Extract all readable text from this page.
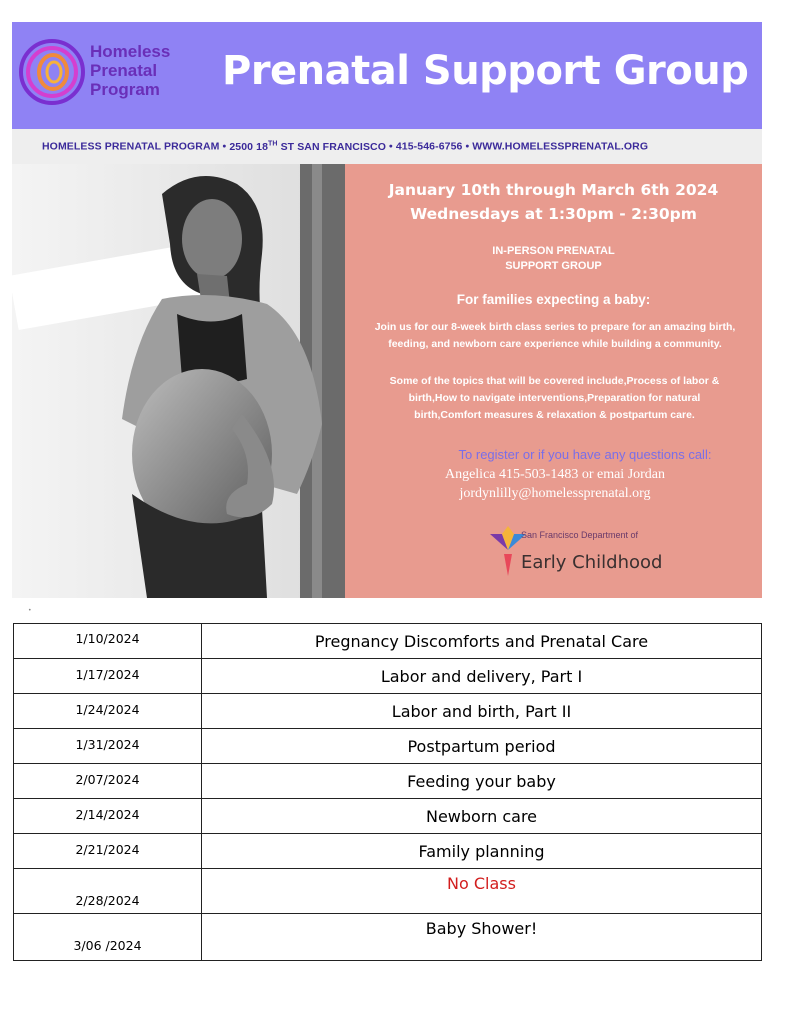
Homeless
Prenatal
Program	Prenatal Support Group
HOMELESS PRENATAL PROGRAM • 2500 18TH ST SAN FRANCISCO • 415-546-6756 • WWW.HOMELESSPRENATAL.ORG
January 10th through March 6th 2024
Wednesdays at 1:30pm - 2:30pm
IN-PERSON PRENATAL
SUPPORT GROUP
For families expecting a baby:
Join us for our 8-week birth class series to prepare for an amazing birth,
feeding, and newborn care experience while building a community.
Some of the topics that will be covered include,Process of labor &
birth,How to navigate interventions,Preparation for natural
birth,Comfort measures & relaxation & postpartum care.
To register or if you have any questions call:
Angelica 415-503-1483 or emai Jordan
jordynlilly@homelessprenatal.org
San Francisco Department of
Early Childhood
•
1/10/2024	Pregnancy Discomforts and Prenatal Care
1/17/2024	Labor and delivery, Part I
1/24/2024	Labor and birth, Part II
1/31/2024	Postpartum period
2/07/2024	Feeding your baby
2/14/2024	Newborn care
2/21/2024	Family planning
2/28/2024	No Class
3/06 /2024	Baby Shower!
